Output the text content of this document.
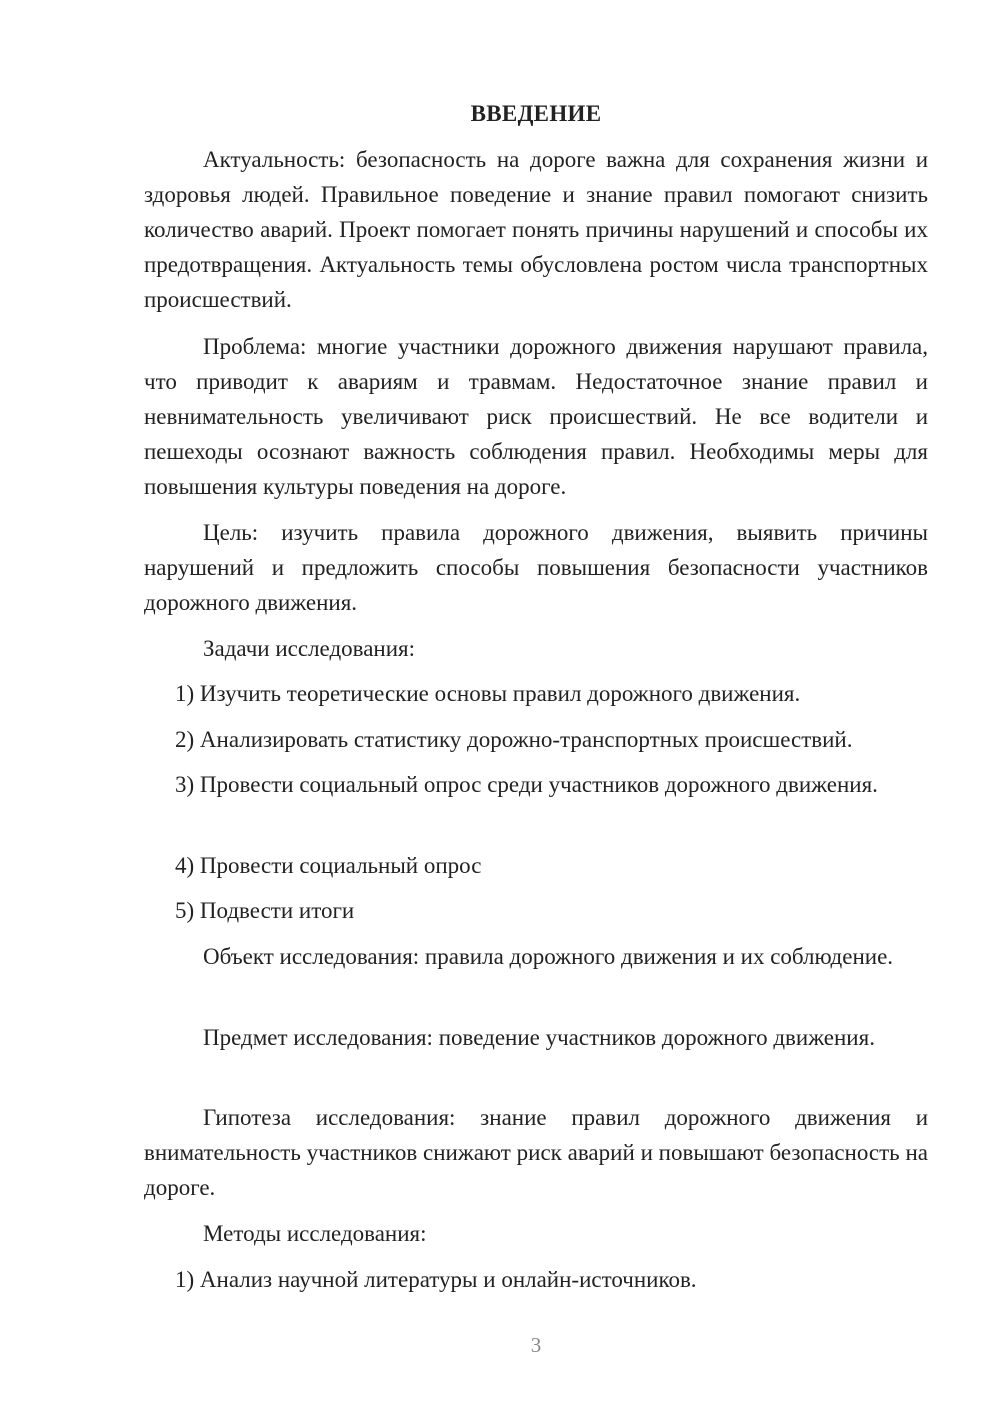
ВВЕДЕНИЕ

Актуальность: безопасность на дороге важна для сохранения жизни и здоровья людей. Правильное поведение и знание правил помогают снизить количество аварий. Проект помогает понять причины нарушений и способы их предотвращения. Актуальность темы обусловлена ростом числа транспортных происшествий.

Проблема: многие участники дорожного движения нарушают правила, что приводит к авариям и травмам. Недостаточное знание правил и невнимательность увеличивают риск происшествий. Не все водители и пешеходы осознают важность соблюдения правил. Необходимы меры для повышения культуры поведения на дороге.

Цель: изучить правила дорожного движения, выявить причины нарушений и предложить способы повышения безопасности участников дорожного движения.

Задачи исследования:

1) Изучить теоретические основы правил дорожного движения.

2) Анализировать статистику дорожно-транспортных происшествий.

3) Провести социальный опрос среди участников дорожного движения.

4) Провести социальный опрос

5) Подвести итоги

Объект исследования: правила дорожного движения и их соблюдение.

Предмет исследования: поведение участников дорожного движения.

Гипотеза исследования: знание правил дорожного движения и внимательность участников снижают риск аварий и повышают безопасность на дороге.

Методы исследования:

1) Анализ научной литературы и онлайн-источников.

3
